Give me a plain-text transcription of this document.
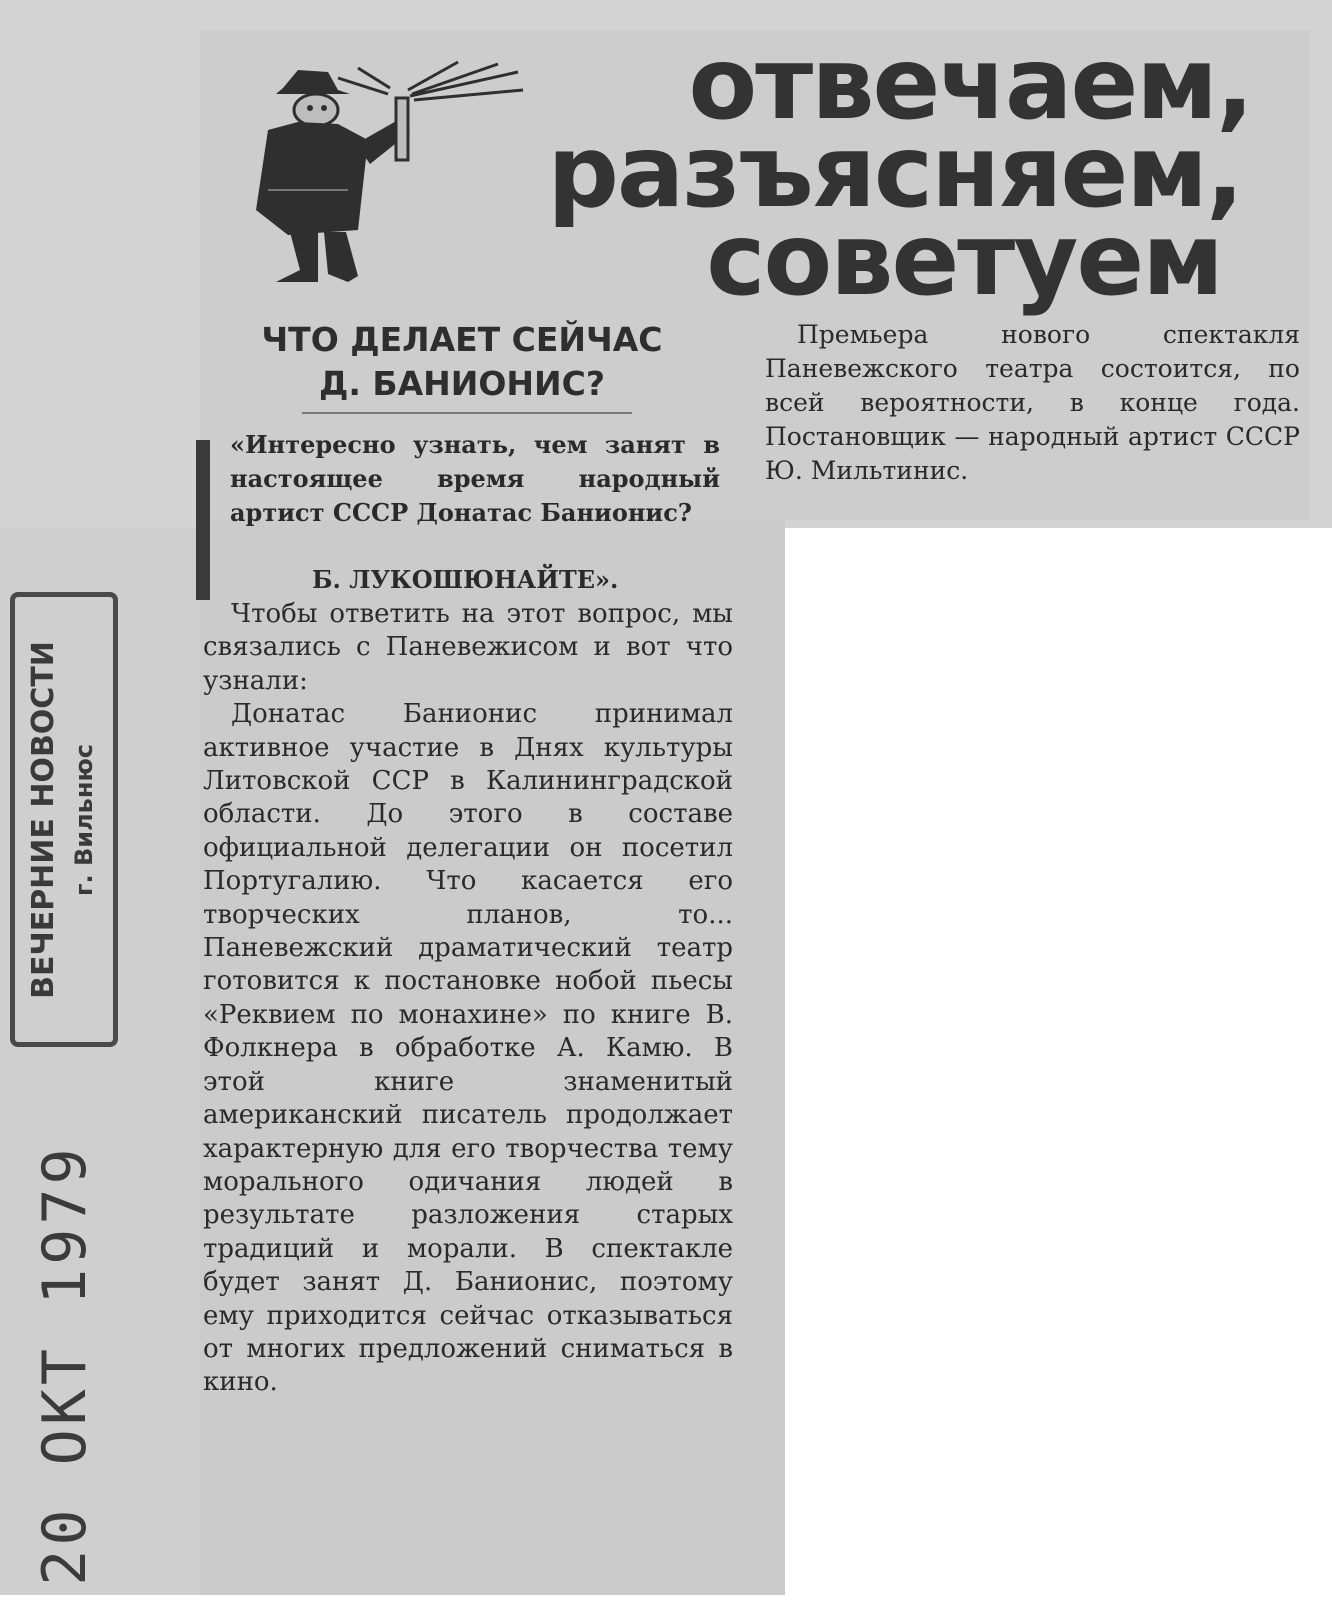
отвечаем,
разъясняем,
советуем
ЧТО ДЕЛАЕТ СЕЙЧАС
Д. БАНИОНИС?
«Интересно узнать, чем занят в настоящее время народный артист СССР Донатас Банионис?
Б. ЛУКОШЮНАЙТЕ».

Чтобы ответить на этот вопрос, мы связались с Паневежисом и вот что узнали:

Донатас Банионис принимал активное участие в Днях культуры Литовской ССР в Калининградской области. До этого в составе официальной делегации он посетил Португалию. Что касается его творческих планов, то... Паневежский драматический театр готовится к постановке нобой пьесы «Реквием по монахине» по книге В. Фолкнера в обработке А. Камю. В этой книге знаменитый американский писатель продолжает характерную для его творчества тему морального одичания людей в результате разложения старых традиций и морали. В спектакле будет занят Д. Банионис, поэтому ему приходится сейчас отказываться от многих предложений сниматься в кино.

Премьера нового спектакля Паневежского театра состоится, по всей вероятности, в конце года. Постановщик — народный артист СССР Ю. Мильтинис.

ВЕЧЕРНИЕ НОВОСТИ г. Вильнюс
20 ОКТ 1979
